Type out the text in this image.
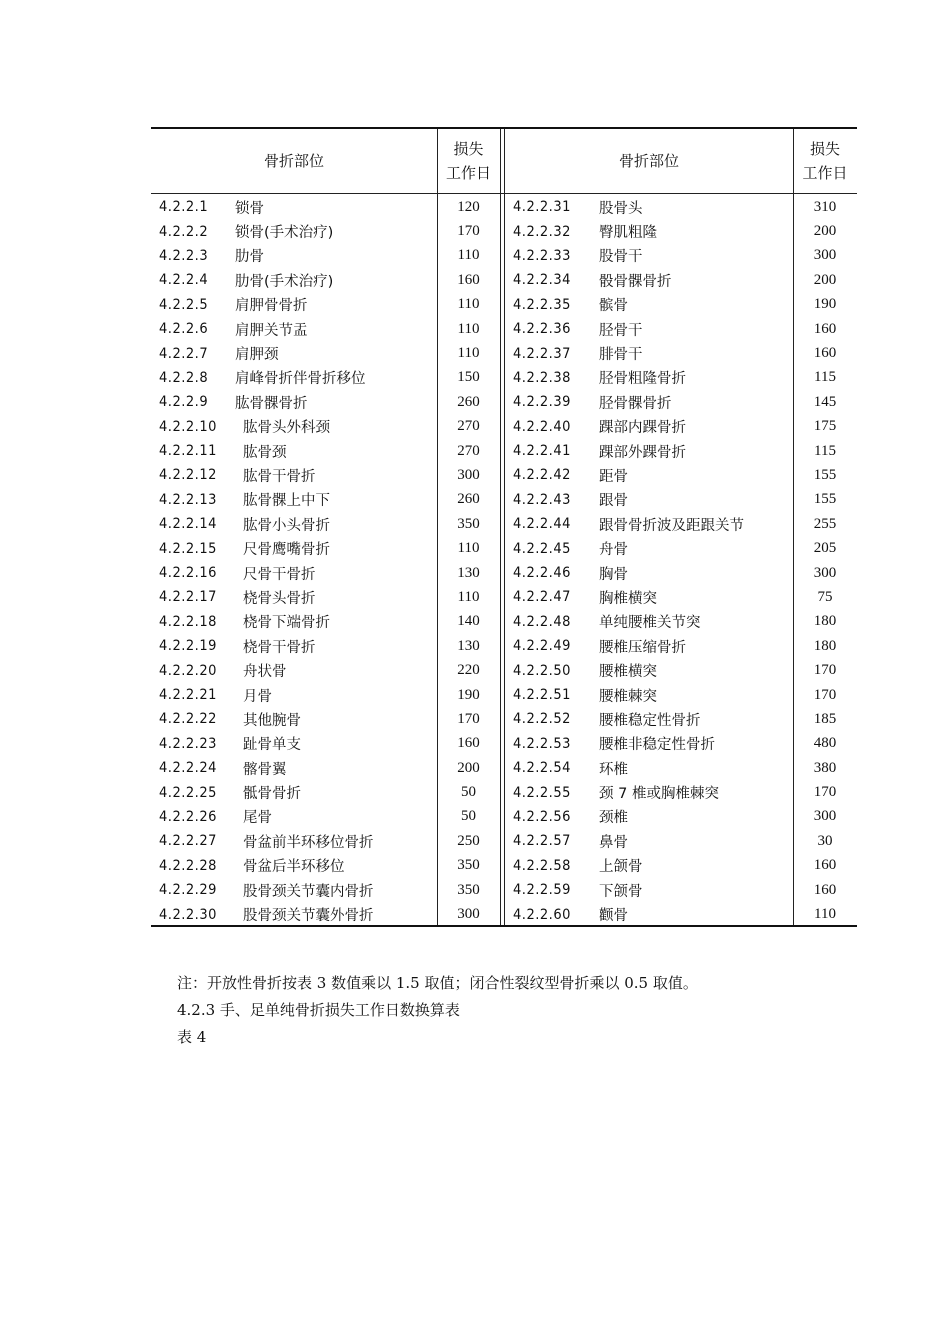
骨折部位
损失
工作日
4.2.2.1 锁骨	120
4.2.2.2 锁骨(手术治疗)	170
4.2.2.3 肋骨	110
4.2.2.4 肋骨(手术治疗)	160
4.2.2.5 肩胛骨骨折	110
4.2.2.6 肩胛关节盂	110
4.2.2.7 肩胛颈	110
4.2.2.8 肩峰骨折伴骨折移位	150
4.2.2.9 肱骨髁骨折	260
4.2.2.10 肱骨头外科颈	270
4.2.2.11 肱骨颈	270
4.2.2.12 肱骨干骨折	300
4.2.2.13 肱骨髁上中下	260
4.2.2.14 肱骨小头骨折	350
4.2.2.15 尺骨鹰嘴骨折	110
4.2.2.16 尺骨干骨折	130
4.2.2.17 桡骨头骨折	110
4.2.2.18 桡骨下端骨折	140
4.2.2.19 桡骨干骨折	130
4.2.2.20 舟状骨	220
4.2.2.21 月骨	190
4.2.2.22 其他腕骨	170
4.2.2.23 趾骨单支	160
4.2.2.24 髂骨翼	200
4.2.2.25 骶骨骨折	50
4.2.2.26 尾骨	50
4.2.2.27 骨盆前半环移位骨折	250
4.2.2.28 骨盆后半环移位	350
4.2.2.29 股骨颈关节囊内骨折	350
4.2.2.30 股骨颈关节囊外骨折	300
骨折部位
损失
工作日
4.2.2.31 股骨头	310
4.2.2.32 臀肌粗隆	200
4.2.2.33 股骨干	300
4.2.2.34 骰骨髁骨折	200
4.2.2.35 髌骨	190
4.2.2.36 胫骨干	160
4.2.2.37 腓骨干	160
4.2.2.38 胫骨粗隆骨折	115
4.2.2.39 胫骨髁骨折	145
4.2.2.40 踝部内踝骨折	175
4.2.2.41 踝部外踝骨折	115
4.2.2.42 距骨	155
4.2.2.43 跟骨	155
4.2.2.44 跟骨骨折波及距跟关节	255
4.2.2.45 舟骨	205
4.2.2.46 胸骨	300
4.2.2.47 胸椎横突	75
4.2.2.48 单纯腰椎关节突	180
4.2.2.49 腰椎压缩骨折	180
4.2.2.50 腰椎横突	170
4.2.2.51 腰椎棘突	170
4.2.2.52 腰椎稳定性骨折	185
4.2.2.53 腰椎非稳定性骨折	480
4.2.2.54 环椎	380
4.2.2.55 颈 7 椎或胸椎棘突	170
4.2.2.56 颈椎	300
4.2.2.57 鼻骨	30
4.2.2.58 上颌骨	160
4.2.2.59 下颌骨	160
4.2.2.60 颧骨	110
注：开放性骨折按表 3 数值乘以 1.5 取值；闭合性裂纹型骨折乘以 0.5 取值。
4.2.3 手、足单纯骨折损失工作日数换算表
表 4
